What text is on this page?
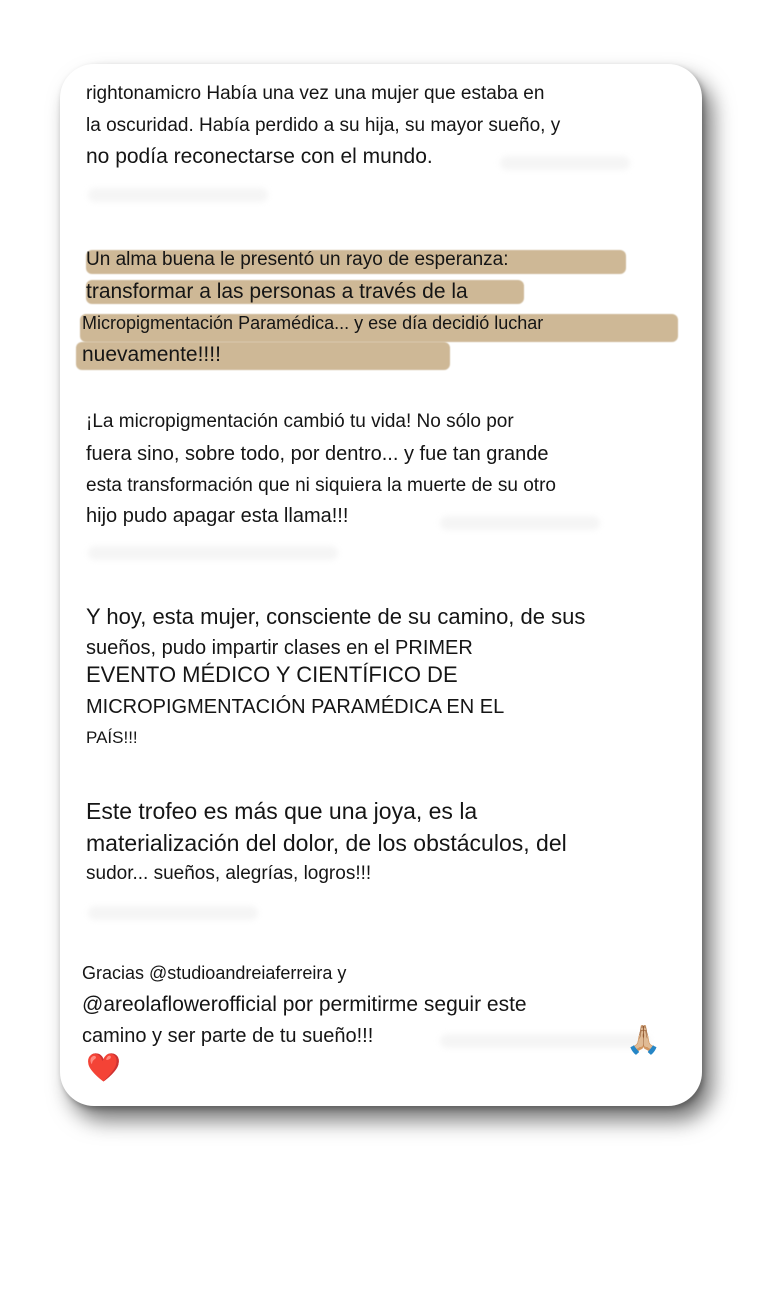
rightonamicro Había una vez una mujer que estaba en

la oscuridad. Había perdido a su hija, su mayor sueño, y

no podía reconectarse con el mundo.

Un alma buena le presentó un rayo de esperanza:

transformar a las personas a través de la

Micropigmentación Paramédica... y ese día decidió luchar

nuevamente!!!!

¡La micropigmentación cambió tu vida! No sólo por

fuera sino, sobre todo, por dentro... y fue tan grande

esta transformación que ni siquiera la muerte de su otro

hijo pudo apagar esta llama!!!

Y hoy, esta mujer, consciente de su camino, de sus

sueños, pudo impartir clases en el PRIMER

EVENTO MÉDICO Y CIENTÍFICO DE

MICROPIGMENTACIÓN PARAMÉDICA EN EL

PAÍS!!!

Este trofeo es más que una joya, es la

materialización del dolor, de los obstáculos, del

sudor... sueños, alegrías, logros!!!

Gracias @studioandreiaferreira y

@areolaflowerofficial por permitirme seguir este

camino y ser parte de tu sueño!!!	🙏🏼
❤️
